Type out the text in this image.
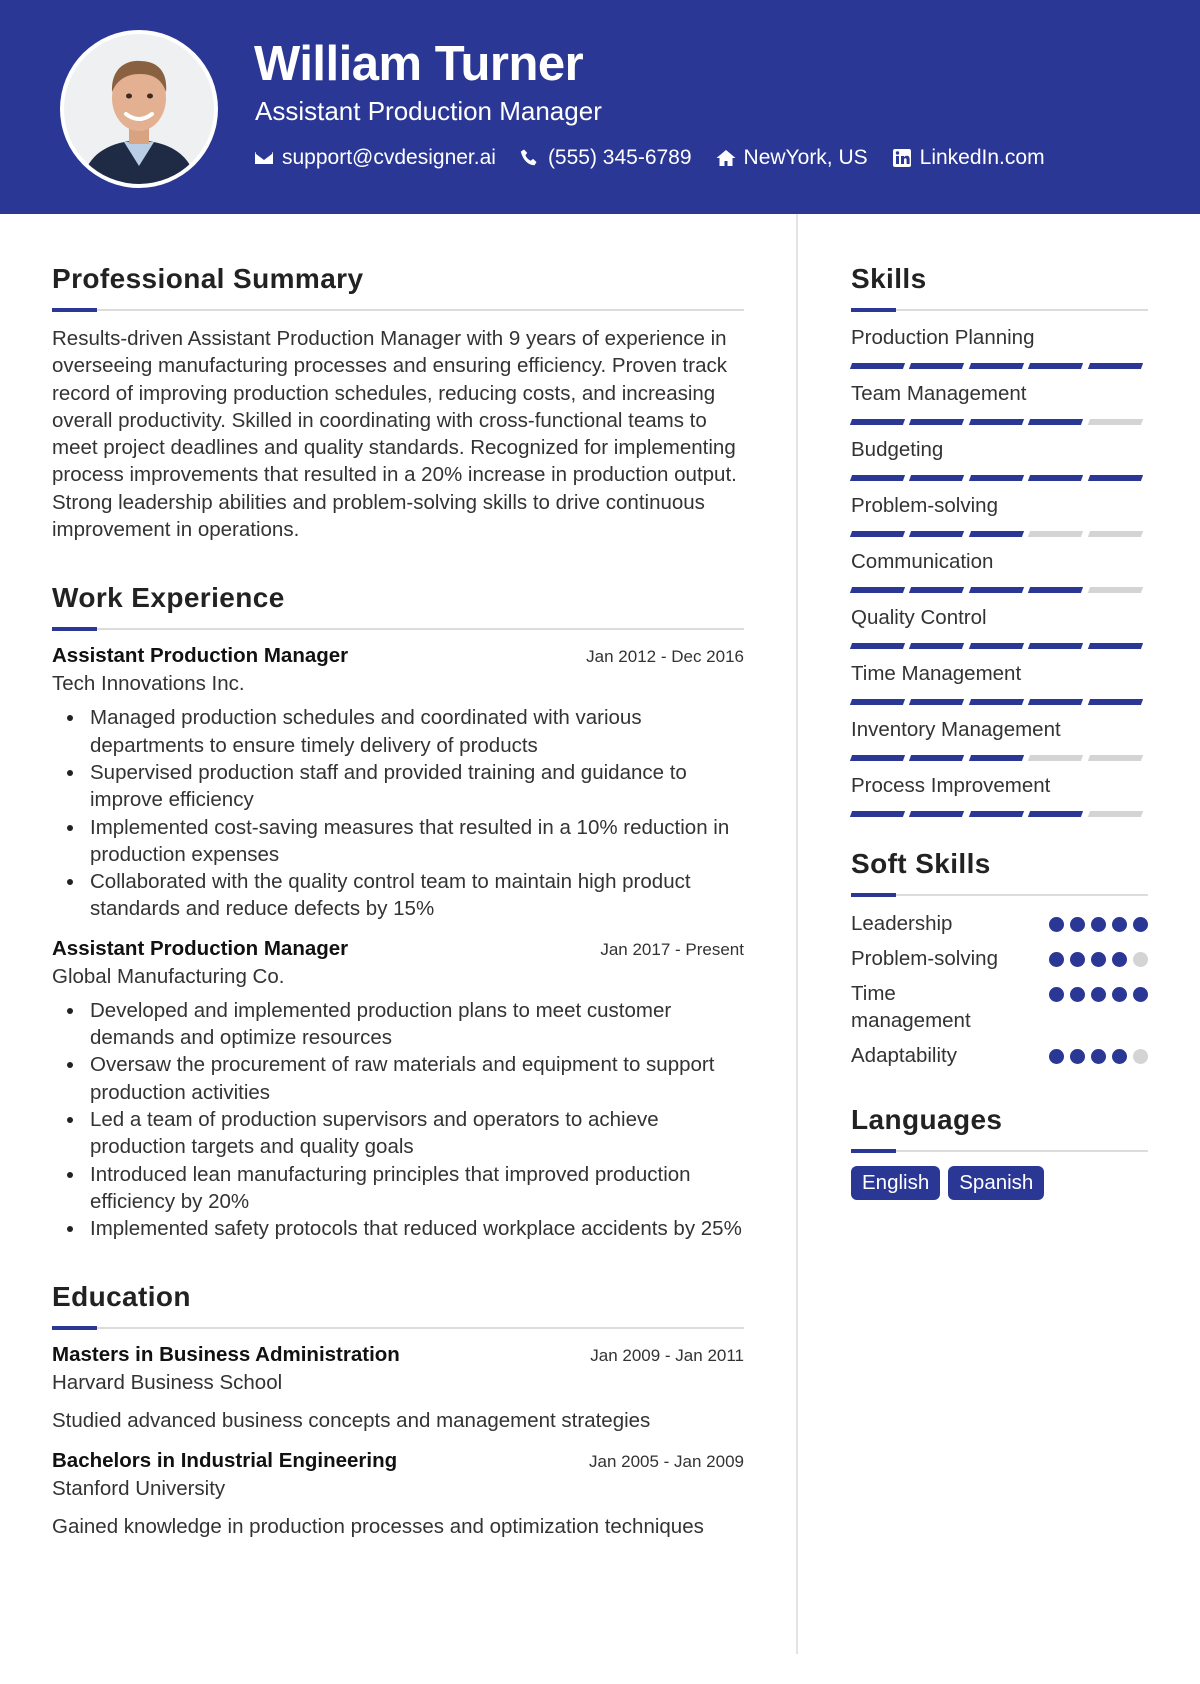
William Turner
Assistant Production Manager
support@cvdesigner.ai (555) 345-6789 NewYork, US LinkedIn.com
Professional Summary

Results-driven Assistant Production Manager with 9 years of experience in overseeing manufacturing processes and ensuring efficiency. Proven track record of improving production schedules, reducing costs, and increasing overall productivity. Skilled in coordinating with cross-functional teams to meet project deadlines and quality standards. Recognized for implementing process improvements that resulted in a 20% increase in production output. Strong leadership abilities and problem-solving skills to drive continuous improvement in operations.

Work Experience
Assistant Production Manager	Jan 2012 - Dec 2016
Tech Innovations Inc.
Managed production schedules and coordinated with various departments to ensure timely delivery of products
Supervised production staff and provided training and guidance to improve efficiency
Implemented cost-saving measures that resulted in a 10% reduction in production expenses
Collaborated with the quality control team to maintain high product standards and reduce defects by 15%
Assistant Production Manager	Jan 2017 - Present
Global Manufacturing Co.
Developed and implemented production plans to meet customer demands and optimize resources
Oversaw the procurement of raw materials and equipment to support production activities
Led a team of production supervisors and operators to achieve production targets and quality goals
Introduced lean manufacturing principles that improved production efficiency by 20%
Implemented safety protocols that reduced workplace accidents by 25%
Education
Masters in Business Administration	Jan 2009 - Jan 2011
Harvard Business School
Studied advanced business concepts and management strategies
Bachelors in Industrial Engineering	Jan 2005 - Jan 2009
Stanford University
Gained knowledge in production processes and optimization techniques
Skills
Production Planning
Team Management
Budgeting
Problem-solving
Communication
Quality Control
Time Management
Inventory Management
Process Improvement
Soft Skills
Leadership
Problem-solving
Time management
Adaptability
Languages
English	Spanish
